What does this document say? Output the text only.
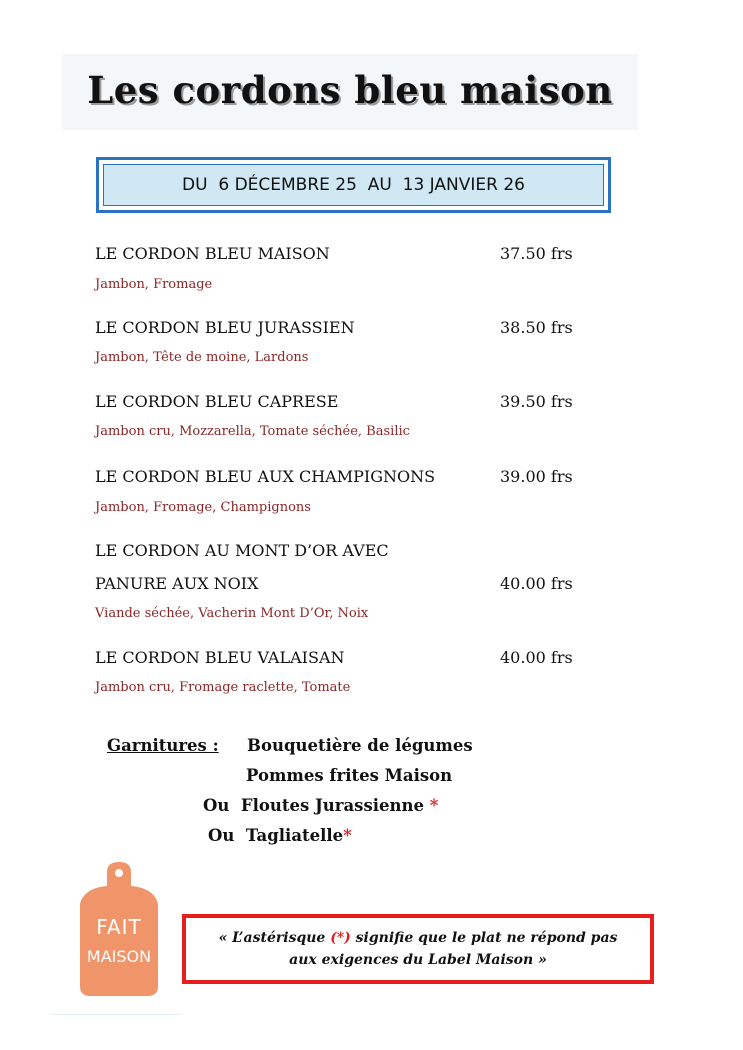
Les cordons bleu maison
DU  6 DÉCEMBRE 25  AU  13 JANVIER 26
LE CORDON BLEU MAISON	37.50 frs
Jambon, Fromage
LE CORDON BLEU JURASSIEN	38.50 frs
Jambon, Tête de moine, Lardons
LE CORDON BLEU CAPRESE	39.50 frs
Jambon cru, Mozzarella, Tomate séchée, Basilic
LE CORDON BLEU AUX CHAMPIGNONS	39.00 frs
Jambon, Fromage, Champignons
LE CORDON AU MONT D’OR AVEC
PANURE AUX NOIX	40.00 frs
Viande séchée, Vacherin Mont D’Or, Noix
LE CORDON BLEU VALAISAN	40.00 frs
Jambon cru, Fromage raclette, Tomate
Garnitures : Bouquetière de légumes
Pommes frites Maison
Ou  Floutes Jurassienne *
Ou  Tagliatelle*
FAIT
MAISON
« L’astérisque (*) signifie que le plat ne répond pas
aux exigences du Label Maison »
